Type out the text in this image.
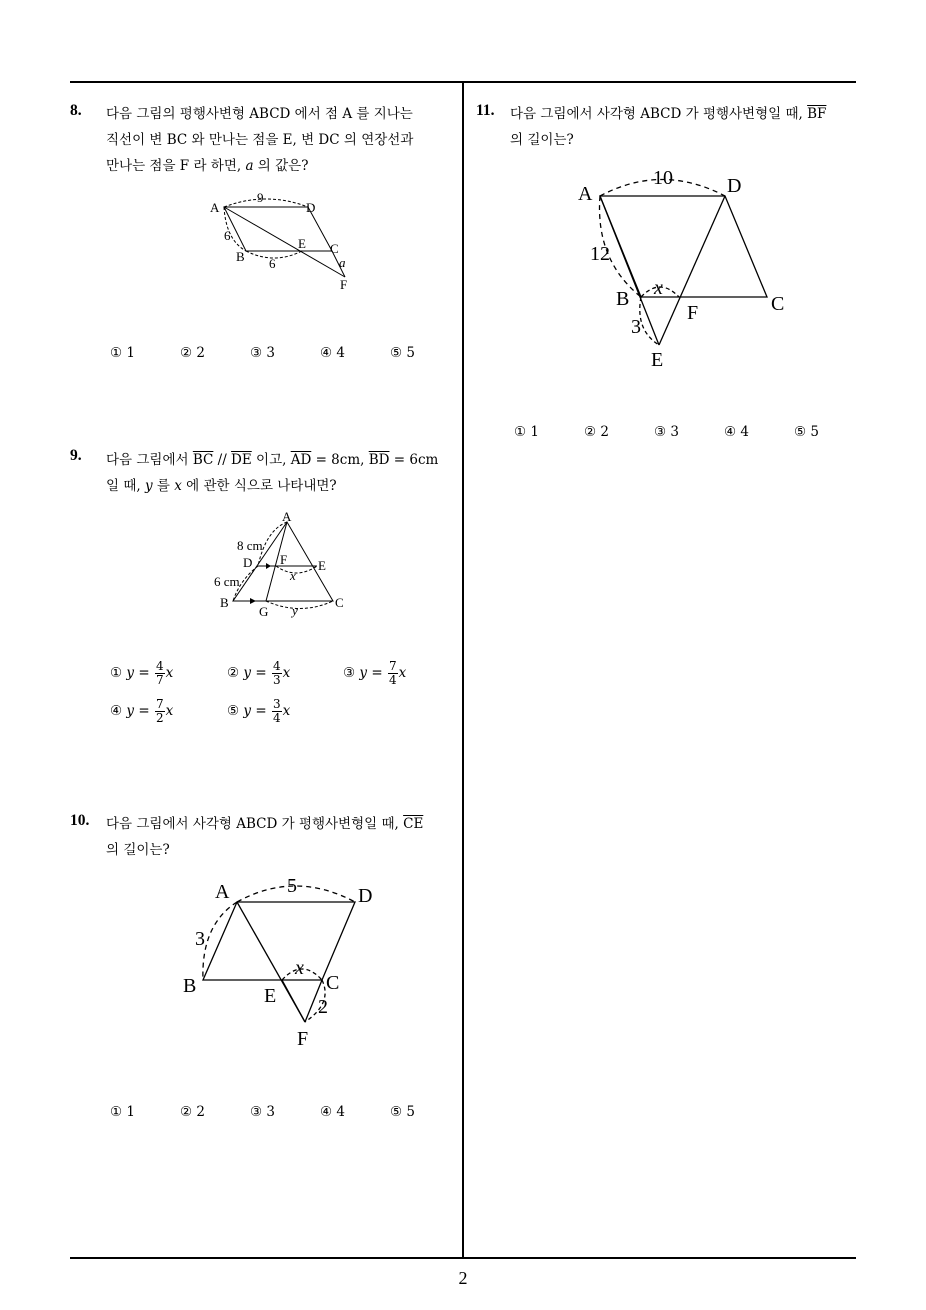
8. 다음 그림의 평행사변형 ABCD 에서 점 A 를 지나는
직선이 변 BC 와 만나는 점을 E, 변 DC 의 연장선과
만나는 점을 F 라 하면, a 의 값은?
A	D
B
E C
F
9
6
6	a
① 1	② 2	③ 3	④ 4	⑤ 5
9. 다음 그림에서 $\overline{BC} // \overline{DE}$ 이고, $\overline{AD} = 8cm$, $\overline{BD} = 6cm$
일 때, y 를 x 에 관한 식으로 나타내면?
A
D F E
B
G
C
8 cm
6 cm	x
y
① $y = \frac{4}{7}$ x	② $y = \frac{4}{3}$ x	③ $y = \frac{7}{4}$ x
④ $y = \frac{7}{2}$ x	⑤ $y = \frac{3}{4}$ x
10. 다음 그림에서 사각형 ABCD 가 평행사변형일 때, $\overline{CE}$
의 길이는?
A	D
B	E
C
F
5
3
x
2
① 1	② 2	③ 3	④ 4	⑤ 5
11. 다음 그림에서 사각형 ABCD 가 평행사변형일 때, $\overline{BF}$
의 길이는?
A	D
B
F	C
E
10
12
x
3
① 1	② 2	③ 3	④ 4	⑤ 5
2
